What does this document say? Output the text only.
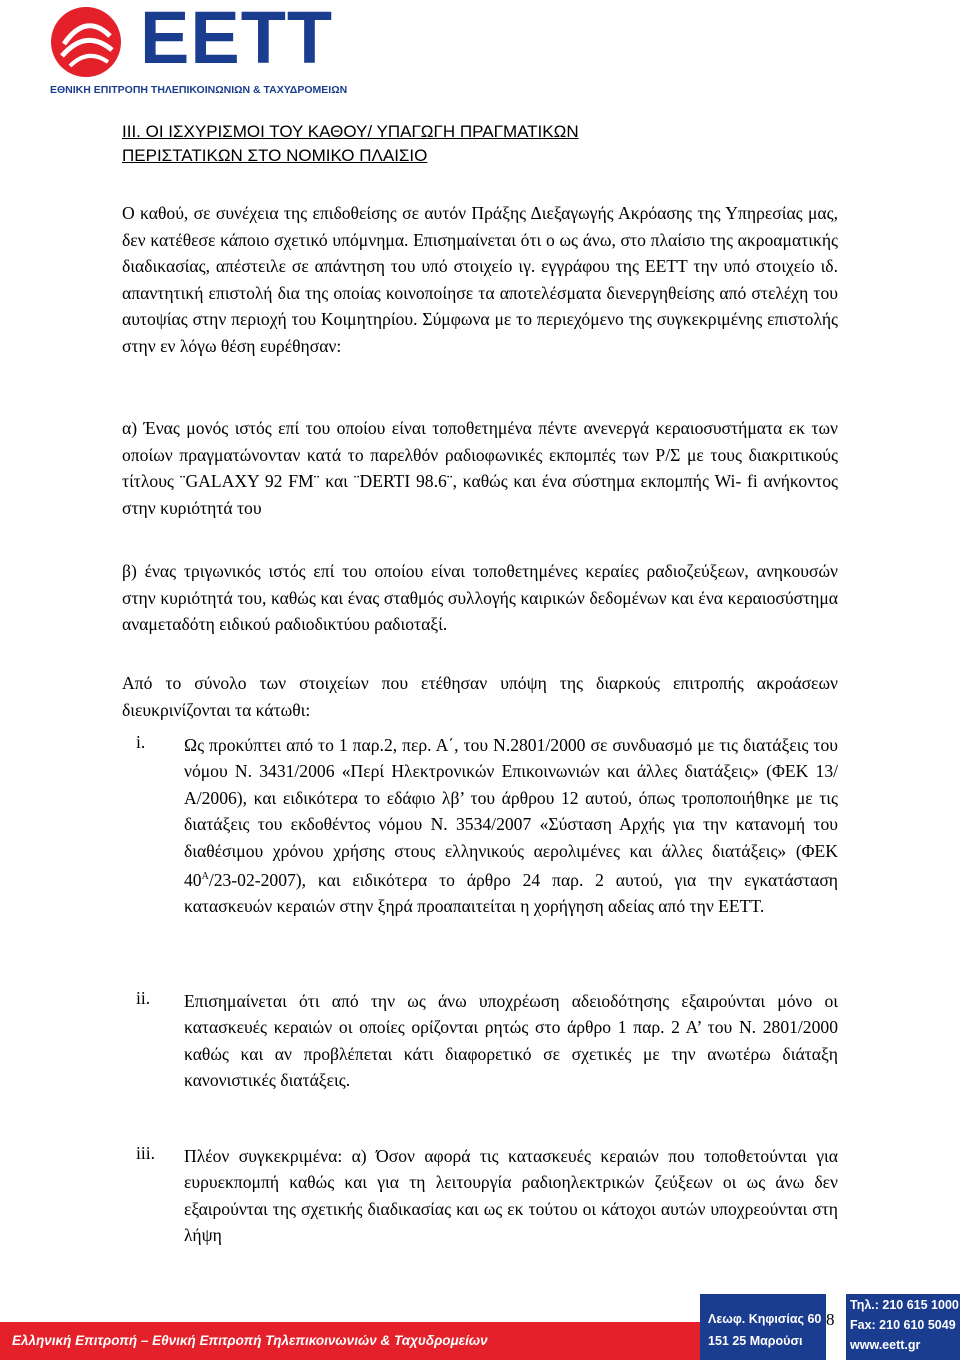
EETT
ΕΘΝΙΚΗ ΕΠΙΤΡΟΠΗ ΤΗΛΕΠΙΚΟΙΝΩΝΙΩΝ & ΤΑΧΥΔΡΟΜΕΙΩΝ
III. ΟΙ ΙΣΧΥΡΙΣΜΟΙ ΤΟΥ ΚΑΘΟΥ/ ΥΠΑΓΩΓΗ ΠΡΑΓΜΑΤΙΚΩΝ
ΠΕΡΙΣΤΑΤΙΚΩΝ ΣΤΟ ΝΟΜΙΚΟ ΠΛΑΙΣΙΟ

Ο καθού, σε συνέχεια της επιδοθείσης σε αυτόν Πράξης Διεξαγωγής Ακρόασης της Υπηρεσίας μας, δεν κατέθεσε κάποιο σχετικό υπόμνημα. Επισημαίνεται ότι ο ως άνω, στο πλαίσιο της ακροαματικής διαδικασίας, απέστειλε σε απάντηση του υπό στοιχείο ιγ. εγγράφου της ΕΕΤΤ την υπό στοιχείο ιδ. απαντητική επιστολή δια της οποίας κοινοποίησε τα αποτελέσματα διενεργηθείσης από στελέχη του αυτοψίας στην περιοχή του Κοιμητηρίου. Σύμφωνα με το περιεχόμενο της συγκεκριμένης επιστολής στην εν λόγω θέση ευρέθησαν:

α) Ένας μονός ιστός επί του οποίου είναι τοποθετημένα πέντε ανενεργά κεραιοσυστήματα εκ των οποίων πραγματώνονταν κατά το παρελθόν ραδιοφωνικές εκπομπές των Ρ/Σ με τους διακριτικούς τίτλους ¨GALAXY 92 FM¨ και ¨DERTI 98.6¨, καθώς και ένα σύστημα εκπομπής Wi- fi ανήκοντος στην κυριότητά του

β) ένας τριγωνικός ιστός επί του οποίου είναι τοποθετημένες κεραίες ραδιοζεύξεων, ανηκουσών στην κυριότητά του, καθώς και ένας σταθμός συλλογής καιρικών δεδομένων και ένα κεραιοσύστημα αναμεταδότη ειδικού ραδιοδικτύου ραδιοταξί.

Από το σύνολο των στοιχείων που ετέθησαν υπόψη της διαρκούς επιτροπής ακροάσεων διευκρινίζονται τα κάτωθι:

i. Ως προκύπτει από το 1 παρ.2, περ. Α΄, του Ν.2801/2000 σε συνδυασμό με τις διατάξεις του νόμου Ν. 3431/2006 «Περί Ηλεκτρονικών Επικοινωνιών και άλλες διατάξεις» (ΦΕΚ 13/Α/2006), και ειδικότερα το εδάφιο λβ’ του άρθρου 12 αυτού, όπως τροποποιήθηκε με τις διατάξεις του εκδοθέντος νόμου Ν. 3534/2007 «Σύσταση Αρχής για την κατανομή του διαθέσιμου χρόνου χρήσης στους ελληνικούς αερολιμένες και άλλες διατάξεις» (ΦΕΚ $40^A/23-02-2007$), και ειδικότερα το άρθρο 24 παρ. 2 αυτού, για την εγκατάσταση κατασκευών κεραιών στην ξηρά προαπαιτείται η χορήγηση αδείας από την ΕΕΤΤ.
ii. Επισημαίνεται ότι από την ως άνω υποχρέωση αδειοδότησης εξαιρούνται μόνο οι κατασκευές κεραιών οι οποίες ορίζονται ρητώς στο άρθρο 1 παρ. 2 Α’ του Ν. 2801/2000 καθώς και αν προβλέπεται κάτι διαφορετικό σε σχετικές με την ανωτέρω διάταξη κανονιστικές διατάξεις.
iii. Πλέον συγκεκριμένα: α) Όσον αφορά τις κατασκευές κεραιών που τοποθετούνται για ευρυεκπομπή καθώς και για τη λειτουργία ραδιοηλεκτρικών ζεύξεων οι ως άνω δεν εξαιρούνται της σχετικής διαδικασίας και ως εκ τούτου οι κάτοχοι αυτών υποχρεούνται στη λήψη
Ελληνική Επιτροπή – Εθνική Επιτροπή Τηλεπικοινωνιών & Ταχυδρομείων
Λεωφ. Κηφισίας 60
151 25 Μαρούσι
8
Τηλ.: 210 615 1000
Fax: 210 610 5049
www.eett.gr
